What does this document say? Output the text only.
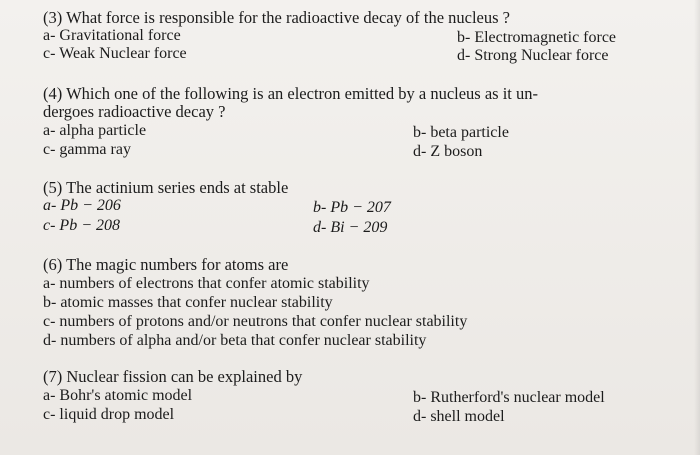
(3) What force is responsible for the radioactive decay of the nucleus ?
a- Gravitational force	b- Electromagnetic force
c- Weak Nuclear force	d- Strong Nuclear force
(4) Which one of the following is an electron emitted by a nucleus as it un-
dergoes radioactive decay ?
a- alpha particle	b- beta particle
c- gamma ray	d- Z boson
(5) The actinium series ends at stable
a- Pb − 206	b- Pb − 207
c- Pb − 208	d- Bi − 209
(6) The magic numbers for atoms are
a- numbers of electrons that confer atomic stability
b- atomic masses that confer nuclear stability
c- numbers of protons and/or neutrons that confer nuclear stability
d- numbers of alpha and/or beta that confer nuclear stability
(7) Nuclear fission can be explained by
a- Bohr's atomic model	b- Rutherford's nuclear model
c- liquid drop model	d- shell model
